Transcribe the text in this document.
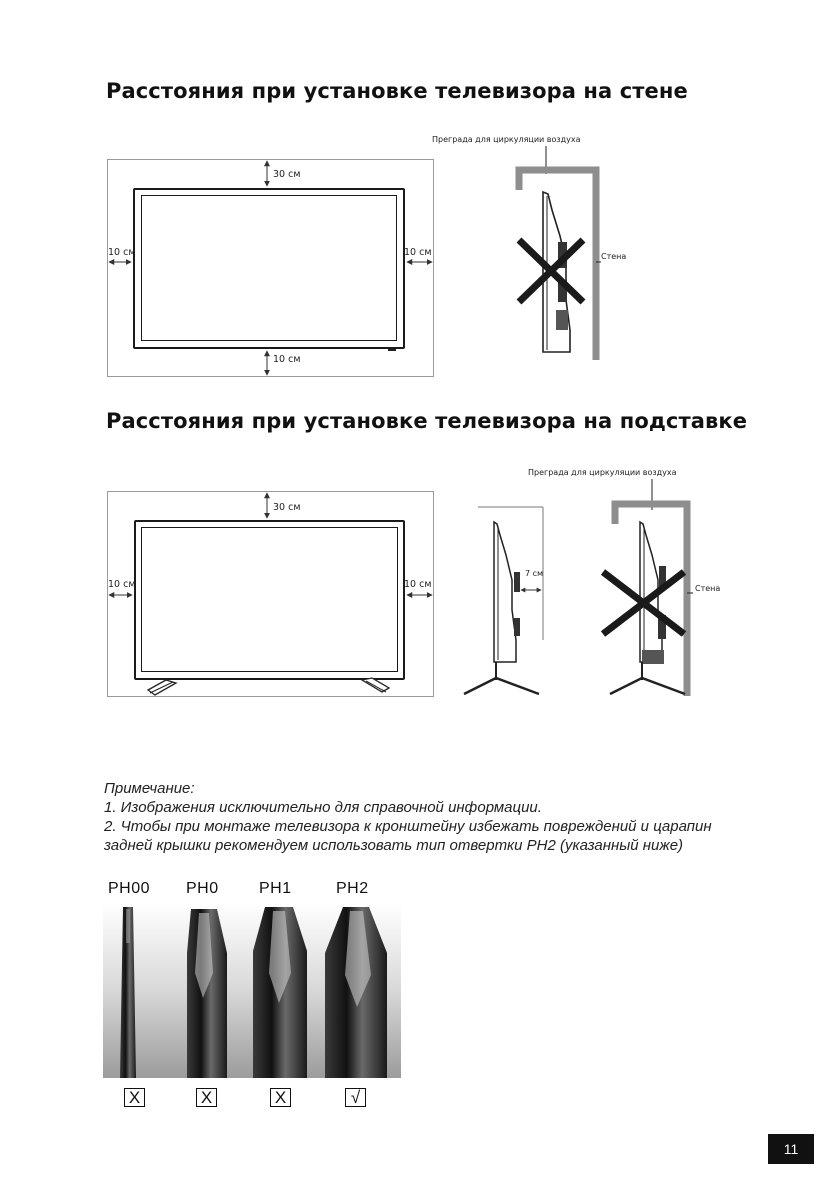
Расстояния при установке телевизора на стене
30 см
10 см	10 см
10 см
Преграда для циркуляции воздуха
Стена
Расстояния при установке телевизора на подставке
30 см
10 см	10 см
7 см
Преграда для циркуляции воздуха
Стена
Примечание:
1. Изображения исключительно для справочной информации.
2. Чтобы при монтаже телевизора к кронштейну избежать повреждений и царапин
задней крышки рекомендуем использовать тип отвертки PH2 (указанный ниже)
PH00 PH0	PH1	PH2
X	X	X	√
11
